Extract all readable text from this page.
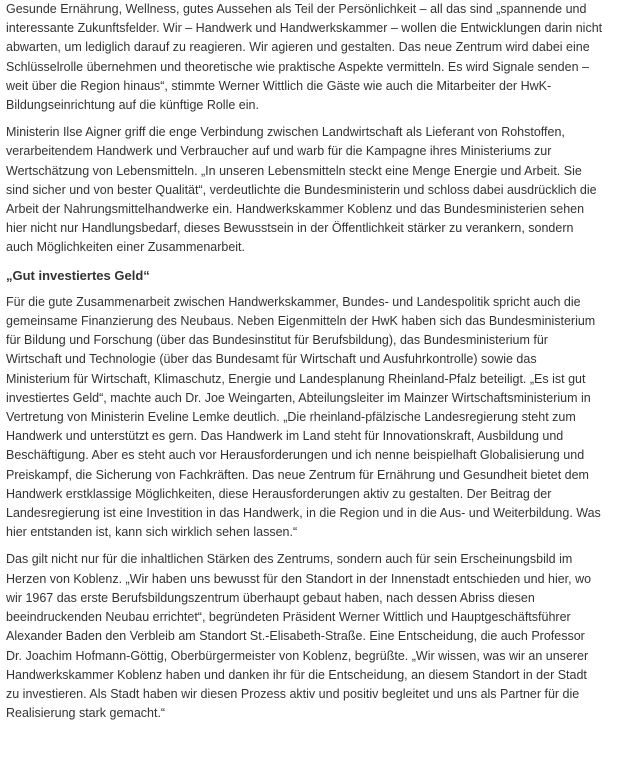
Gesunde Ernährung, Wellness, gutes Aussehen als Teil der Persönlichkeit – all das sind „spannende und
interessante Zukunftsfelder. Wir – Handwerk und Handwerkskammer – wollen die Entwicklungen darin nicht
abwarten, um lediglich darauf zu reagieren. Wir agieren und gestalten. Das neue Zentrum wird dabei eine
Schlüsselrolle übernehmen und theoretische wie praktische Aspekte vermitteln. Es wird Signale senden –
weit über die Region hinaus“, stimmte Werner Wittlich die Gäste wie auch die Mitarbeiter der HwK-
Bildungseinrichtung auf die künftige Rolle ein.

Ministerin Ilse Aigner griff die enge Verbindung zwischen Landwirtschaft als Lieferant von Rohstoffen,
verarbeitendem Handwerk und Verbraucher auf und warb für die Kampagne ihres Ministeriums zur
Wertschätzung von Lebensmitteln. „In unseren Lebensmitteln steckt eine Menge Energie und Arbeit. Sie
sind sicher und von bester Qualität“, verdeutlichte die Bundesministerin und schloss dabei ausdrücklich die
Arbeit der Nahrungsmittelhandwerke ein. Handwerkskammer Koblenz und das Bundesministerien sehen
hier nicht nur Handlungsbedarf, dieses Bewusstsein in der Öffentlichkeit stärker zu verankern, sondern
auch Möglichkeiten einer Zusammenarbeit.

„Gut investiertes Geld“

Für die gute Zusammenarbeit zwischen Handwerkskammer, Bundes- und Landespolitik spricht auch die
gemeinsame Finanzierung des Neubaus. Neben Eigenmitteln der HwK haben sich das Bundesministerium
für Bildung und Forschung (über das Bundesinstitut für Berufsbildung), das Bundesministerium für
Wirtschaft und Technologie (über das Bundesamt für Wirtschaft und Ausfuhrkontrolle) sowie das
Ministerium für Wirtschaft, Klimaschutz, Energie und Landesplanung Rheinland-Pfalz beteiligt. „Es ist gut
investiertes Geld“, machte auch Dr. Joe Weingarten, Abteilungsleiter im Mainzer Wirtschaftsministerium in
Vertretung von Ministerin Eveline Lemke deutlich. „Die rheinland-pfälzische Landesregierung steht zum
Handwerk und unterstützt es gern. Das Handwerk im Land steht für Innovationskraft, Ausbildung und
Beschäftigung. Aber es steht auch vor Herausforderungen und ich nenne beispielhaft Globalisierung und
Preiskampf, die Sicherung von Fachkräften. Das neue Zentrum für Ernährung und Gesundheit bietet dem
Handwerk erstklassige Möglichkeiten, diese Herausforderungen aktiv zu gestalten. Der Beitrag der
Landesregierung ist eine Investition in das Handwerk, in die Region und in die Aus- und Weiterbildung. Was
hier entstanden ist, kann sich wirklich sehen lassen.“

Das gilt nicht nur für die inhaltlichen Stärken des Zentrums, sondern auch für sein Erscheinungsbild im
Herzen von Koblenz. „Wir haben uns bewusst für den Standort in der Innenstadt entschieden und hier, wo
wir 1967 das erste Berufsbildungszentrum überhaupt gebaut haben, nach dessen Abriss diesen
beeindruckenden Neubau errichtet“, begründeten Präsident Werner Wittlich und Hauptgeschäftsführer
Alexander Baden den Verbleib am Standort St.-Elisabeth-Straße. Eine Entscheidung, die auch Professor
Dr. Joachim Hofmann-Göttig, Oberbürgermeister von Koblenz, begrüßte. „Wir wissen, was wir an unserer
Handwerkskammer Koblenz haben und danken ihr für die Entscheidung, an diesem Standort in der Stadt
zu investieren. Als Stadt haben wir diesen Prozess aktiv und positiv begleitet und uns als Partner für die
Realisierung stark gemacht.“
